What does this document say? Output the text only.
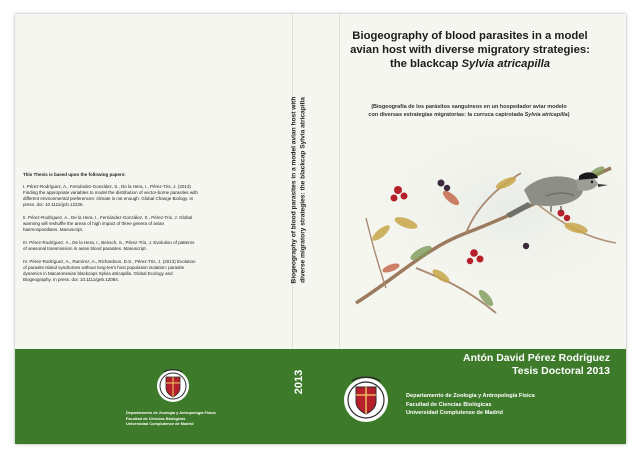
This Thesis is based upon the following papers:
I. Pérez-Rodríguez, A., Fernández-González, S., De la Hera, I., Pérez-Tris, J. (2013) Finding the appropriate variables to model the distribution of vector-borne parasites with different environmental preferences: climate is not enough. Global Change Biology. In press. doi: 10.1111/gcb.12226.
II. Pérez-Rodríguez, A., De la Hera, I., Fernández-González, S., Pérez-Tris, J. Global warming will reshuffle the areas of high impact of three genera of avian haemosporidians. Manuscript.
III. Pérez-Rodríguez, A., De la Hera, I., Bensch, S., Pérez-Tris, J. Evolution of patterns of seasonal transmission in avian blood parasites. Manuscript.
IV. Pérez-Rodríguez, A., Ramírez, A., Richardson, D.S., Pérez-Tris, J. (2013) Evolution of parasite island syndromes without long-term host population isolation: parasite dynamics in Macaronesian blackcaps Sylvia atricapilla. Global Ecology and Biogeography. In press. doi: 10.1111/geb.12084.	Biogeography of blood parasites in a model avian host with diverse migratory strategies: the blackcap Sylvia atricapilla
2013
Biogeography of blood parasites in a model
avian host with diverse migratory strategies:
the blackcap Sylvia atricapilla
(Biogeografía de los parásitos sanguíneos en un hospedador aviar modelo
con diversas estrategias migratorias: la curruca capirotada Sylvia atricapilla)
Departamento de Zoología y Antropología Física
Facultad de Ciencias Biológicas
Universidad Complutense de Madrid
Antón David Pérez Rodríguez
Tesis Doctoral 2013
Departamento de Zoología y Antropología Física
Facultad de Ciencias Biológicas
Universidad Complutense de Madrid
